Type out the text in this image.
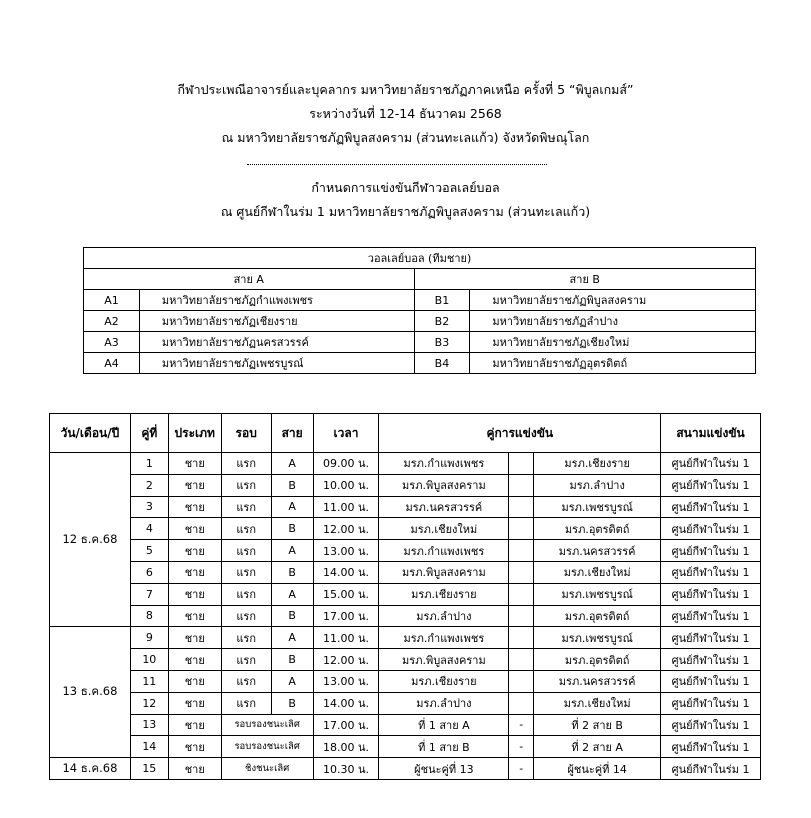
กีฬาประเพณีอาจารย์และบุคลากร มหาวิทยาลัยราชภัฏภาคเหนือ ครั้งที่ 5 “พิบูลเกมส์”
ระหว่างวันที่ 12-14 ธันวาคม 2568
ณ มหาวิทยาลัยราชภัฏพิบูลสงคราม (ส่วนทะเลแก้ว) จังหวัดพิษณุโลก
กำหนดการแข่งขันกีฬาวอลเลย์บอล
ณ ศูนย์กีฬาในร่ม 1 มหาวิทยาลัยราชภัฏพิบูลสงคราม (ส่วนทะเลแก้ว)
วอลเลย์บอล (ทีมชาย)			
สาย A		สาย B	
A1	มหาวิทยาลัยราชภัฏกำแพงเพชร	B1	มหาวิทยาลัยราชภัฏพิบูลสงคราม
A2	มหาวิทยาลัยราชภัฏเชียงราย	B2	มหาวิทยาลัยราชภัฏลำปาง
A3	มหาวิทยาลัยราชภัฏนครสวรรค์	B3	มหาวิทยาลัยราชภัฏเชียงใหม่
A4	มหาวิทยาลัยราชภัฏเพชรบูรณ์	B4	มหาวิทยาลัยราชภัฏอุตรดิตถ์
วัน/เดือน/ปี	คู่ที่	ประเภท	รอบ	สาย	เวลา	คู่การแข่งขัน			สนามแข่งขัน
12 ธ.ค.68	1	ชาย	แรก	A	09.00 น.	มรภ.กำแพงเพชร		มรภ.เชียงราย	ศูนย์กีฬาในร่ม 1
	2	ชาย	แรก	B	10.00 น.	มรภ.พิบูลสงคราม		มรภ.ลำปาง	ศูนย์กีฬาในร่ม 1
	3	ชาย	แรก	A	11.00 น.	มรภ.นครสวรรค์		มรภ.เพชรบูรณ์	ศูนย์กีฬาในร่ม 1
	4	ชาย	แรก	B	12.00 น.	มรภ.เชียงใหม่		มรภ.อุตรดิตถ์	ศูนย์กีฬาในร่ม 1
	5	ชาย	แรก	A	13.00 น.	มรภ.กำแพงเพชร		มรภ.นครสวรรค์	ศูนย์กีฬาในร่ม 1
	6	ชาย	แรก	B	14.00 น.	มรภ.พิบูลสงคราม		มรภ.เชียงใหม่	ศูนย์กีฬาในร่ม 1
	7	ชาย	แรก	A	15.00 น.	มรภ.เชียงราย		มรภ.เพชรบูรณ์	ศูนย์กีฬาในร่ม 1
	8	ชาย	แรก	B	17.00 น.	มรภ.ลำปาง		มรภ.อุตรดิตถ์	ศูนย์กีฬาในร่ม 1
13 ธ.ค.68	9	ชาย	แรก	A	11.00 น.	มรภ.กำแพงเพชร		มรภ.เพชรบูรณ์	ศูนย์กีฬาในร่ม 1
	10	ชาย	แรก	B	12.00 น.	มรภ.พิบูลสงคราม		มรภ.อุตรดิตถ์	ศูนย์กีฬาในร่ม 1
	11	ชาย	แรก	A	13.00 น.	มรภ.เชียงราย		มรภ.นครสวรรค์	ศูนย์กีฬาในร่ม 1
	12	ชาย	แรก	B	14.00 น.	มรภ.ลำปาง		มรภ.เชียงใหม่	ศูนย์กีฬาในร่ม 1
	13	ชาย	รอบรองชนะเลิศ		17.00 น.	ที่ 1 สาย A	-	ที่ 2 สาย B	ศูนย์กีฬาในร่ม 1
	14	ชาย	รอบรองชนะเลิศ		18.00 น.	ที่ 1 สาย B	-	ที่ 2 สาย A	ศูนย์กีฬาในร่ม 1
14 ธ.ค.68	15	ชาย	ชิงชนะเลิศ		10.30 น.	ผู้ชนะคู่ที่ 13	-	ผู้ชนะคู่ที่ 14	ศูนย์กีฬาในร่ม 1
